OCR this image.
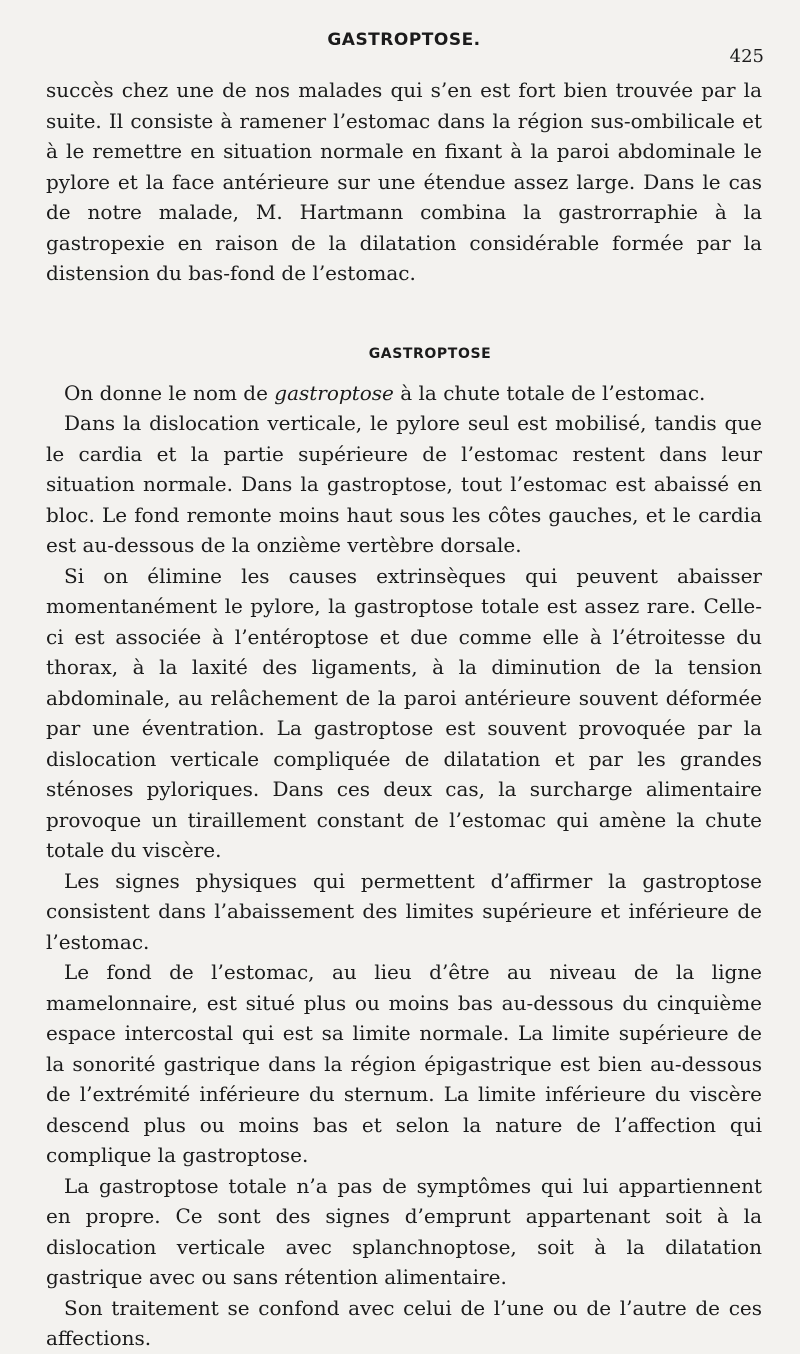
GASTROPTOSE.
425

succès chez une de nos malades qui s’en est fort bien trouvée par la suite. Il consiste à ramener l’estomac dans la région sus-ombilicale et à le remettre en situation normale en fixant à la paroi abdominale le pylore et la face antérieure sur une étendue assez large. Dans le cas de notre malade, M. Hartmann combina la gastrorraphie à la gastropexie en raison de la dilatation considérable formée par la distension du bas-fond de l’estomac.

GASTROPTOSE

On donne le nom de gastroptose à la chute totale de l’estomac.

Dans la dislocation verticale, le pylore seul est mobilisé, tandis que le cardia et la partie supérieure de l’estomac restent dans leur situation normale. Dans la gastroptose, tout l’estomac est abaissé en bloc. Le fond remonte moins haut sous les côtes gauches, et le cardia est au-dessous de la onzième vertèbre dorsale.

Si on élimine les causes extrinsèques qui peuvent abaisser momentanément le pylore, la gastroptose totale est assez rare. Celle-ci est associée à l’entéroptose et due comme elle à l’étroitesse du thorax, à la laxité des ligaments, à la diminution de la tension abdominale, au relâchement de la paroi antérieure souvent déformée par une éventration. La gastroptose est souvent provoquée par la dislocation verticale compliquée de dilatation et par les grandes sténoses pyloriques. Dans ces deux cas, la surcharge alimentaire provoque un tiraillement constant de l’estomac qui amène la chute totale du viscère.

Les signes physiques qui permettent d’affirmer la gastroptose consistent dans l’abaissement des limites supérieure et inférieure de l’estomac.

Le fond de l’estomac, au lieu d’être au niveau de la ligne mamelonnaire, est situé plus ou moins bas au-dessous du cinquième espace intercostal qui est sa limite normale. La limite supérieure de la sonorité gastrique dans la région épigastrique est bien au-dessous de l’extrémité inférieure du sternum. La limite inférieure du viscère descend plus ou moins bas et selon la nature de l’affection qui complique la gastroptose.

La gastroptose totale n’a pas de symptômes qui lui appartiennent en propre. Ce sont des signes d’emprunt appartenant soit à la dislocation verticale avec splanchnoptose, soit à la dilatation gastrique avec ou sans rétention alimentaire.

Son traitement se confond avec celui de l’une ou de l’autre de ces affections.
